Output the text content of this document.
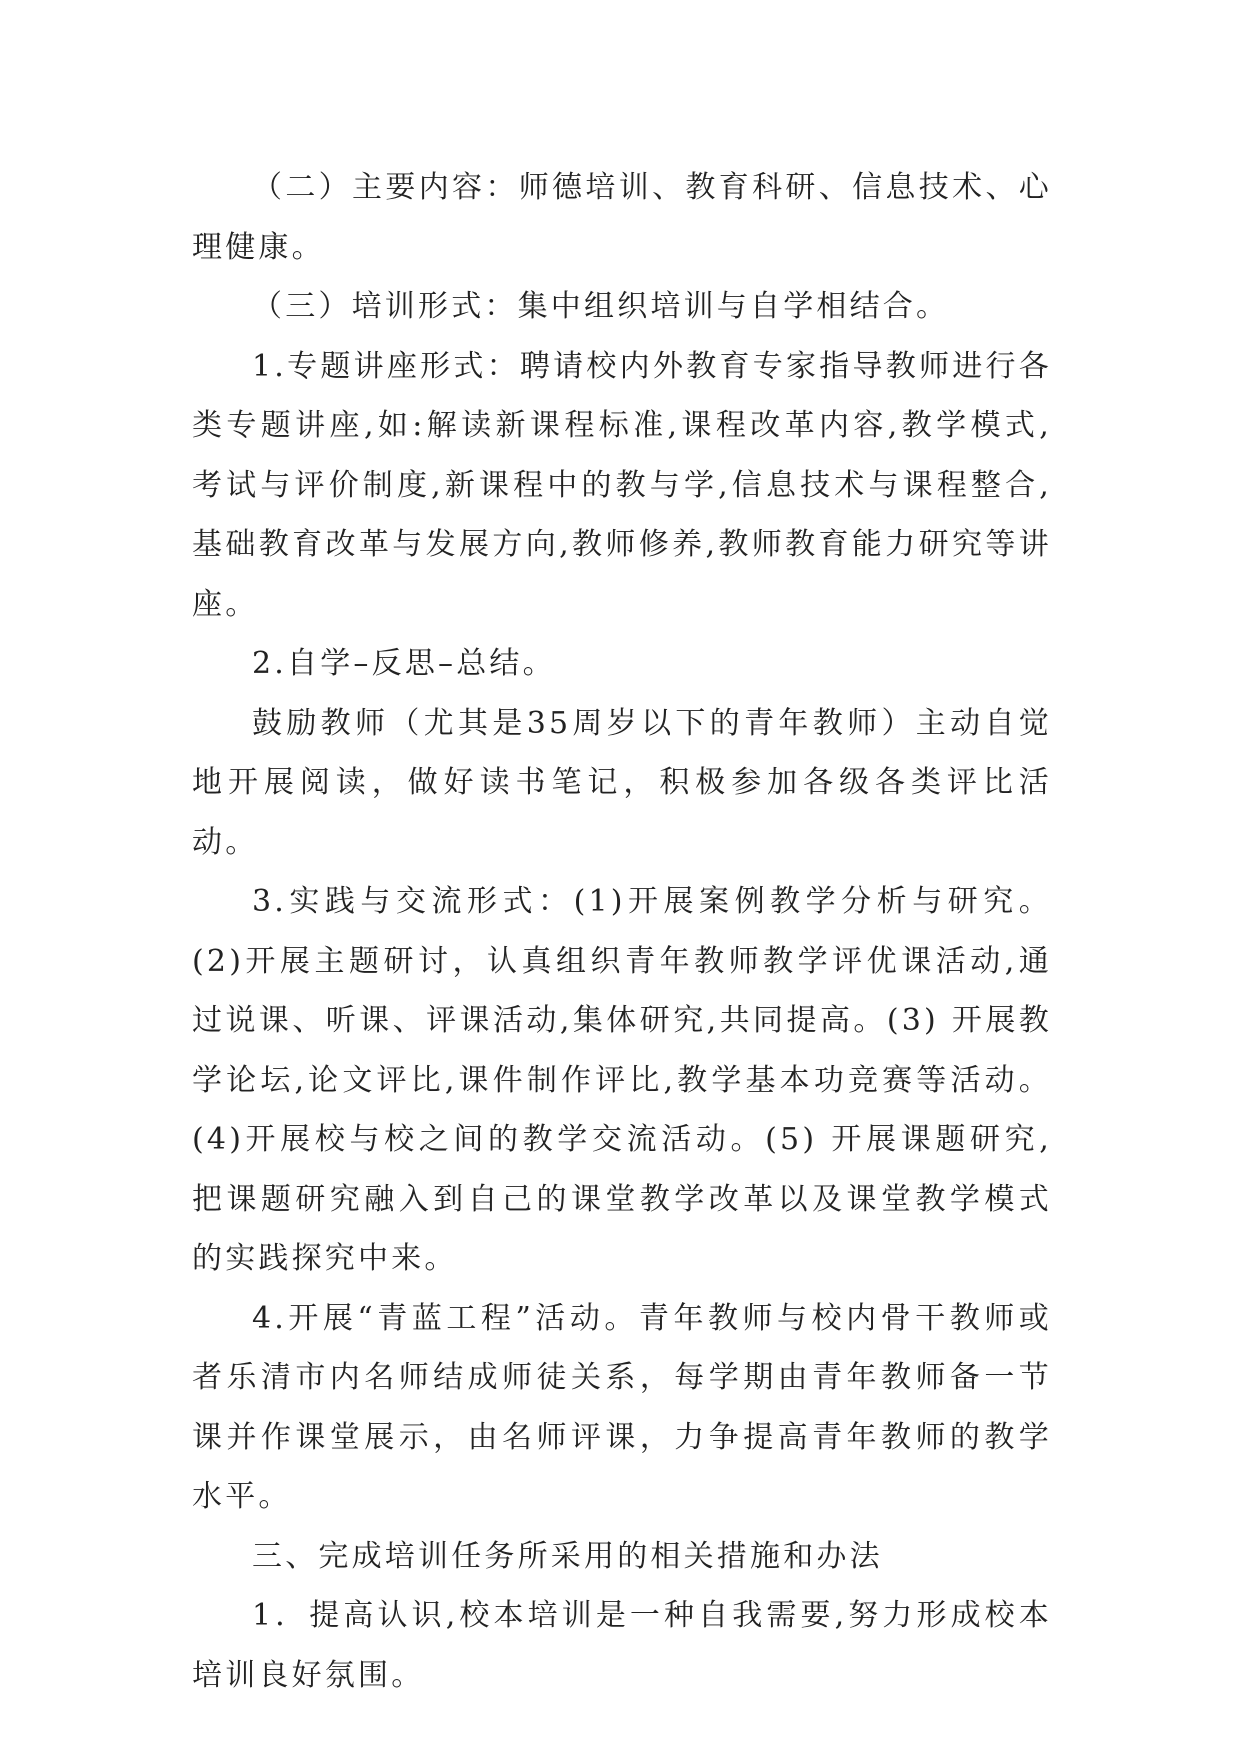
（二）主要内容：师德培训、教育科研、信息技术、心理健康。

（三）培训形式：集中组织培训与自学相结合。

1.专题讲座形式：聘请校内外教育专家指导教师进行各类专题讲座,如:解读新课程标准,课程改革内容,教学模式,考试与评价制度,新课程中的教与学,信息技术与课程整合,基础教育改革与发展方向,教师修养,教师教育能力研究等讲座。

2.自学–反思–总结。

鼓励教师（尤其是35周岁以下的青年教师）主动自觉地开展阅读，做好读书笔记，积极参加各级各类评比活动。

3.实践与交流形式：(1)开展案例教学分析与研究。(2)开展主题研讨，认真组织青年教师教学评优课活动,通过说课、听课、评课活动,集体研究,共同提高。(3) 开展教学论坛,论文评比,课件制作评比,教学基本功竞赛等活动。(4)开展校与校之间的教学交流活动。(5) 开展课题研究,把课题研究融入到自己的课堂教学改革以及课堂教学模式的实践探究中来。

4.开展“青蓝工程”活动。青年教师与校内骨干教师或者乐清市内名师结成师徒关系，每学期由青年教师备一节课并作课堂展示，由名师评课，力争提高青年教师的教学水平。

三、完成培训任务所采用的相关措施和办法

1．提高认识,校本培训是一种自我需要,努力形成校本培训良好氛围。
